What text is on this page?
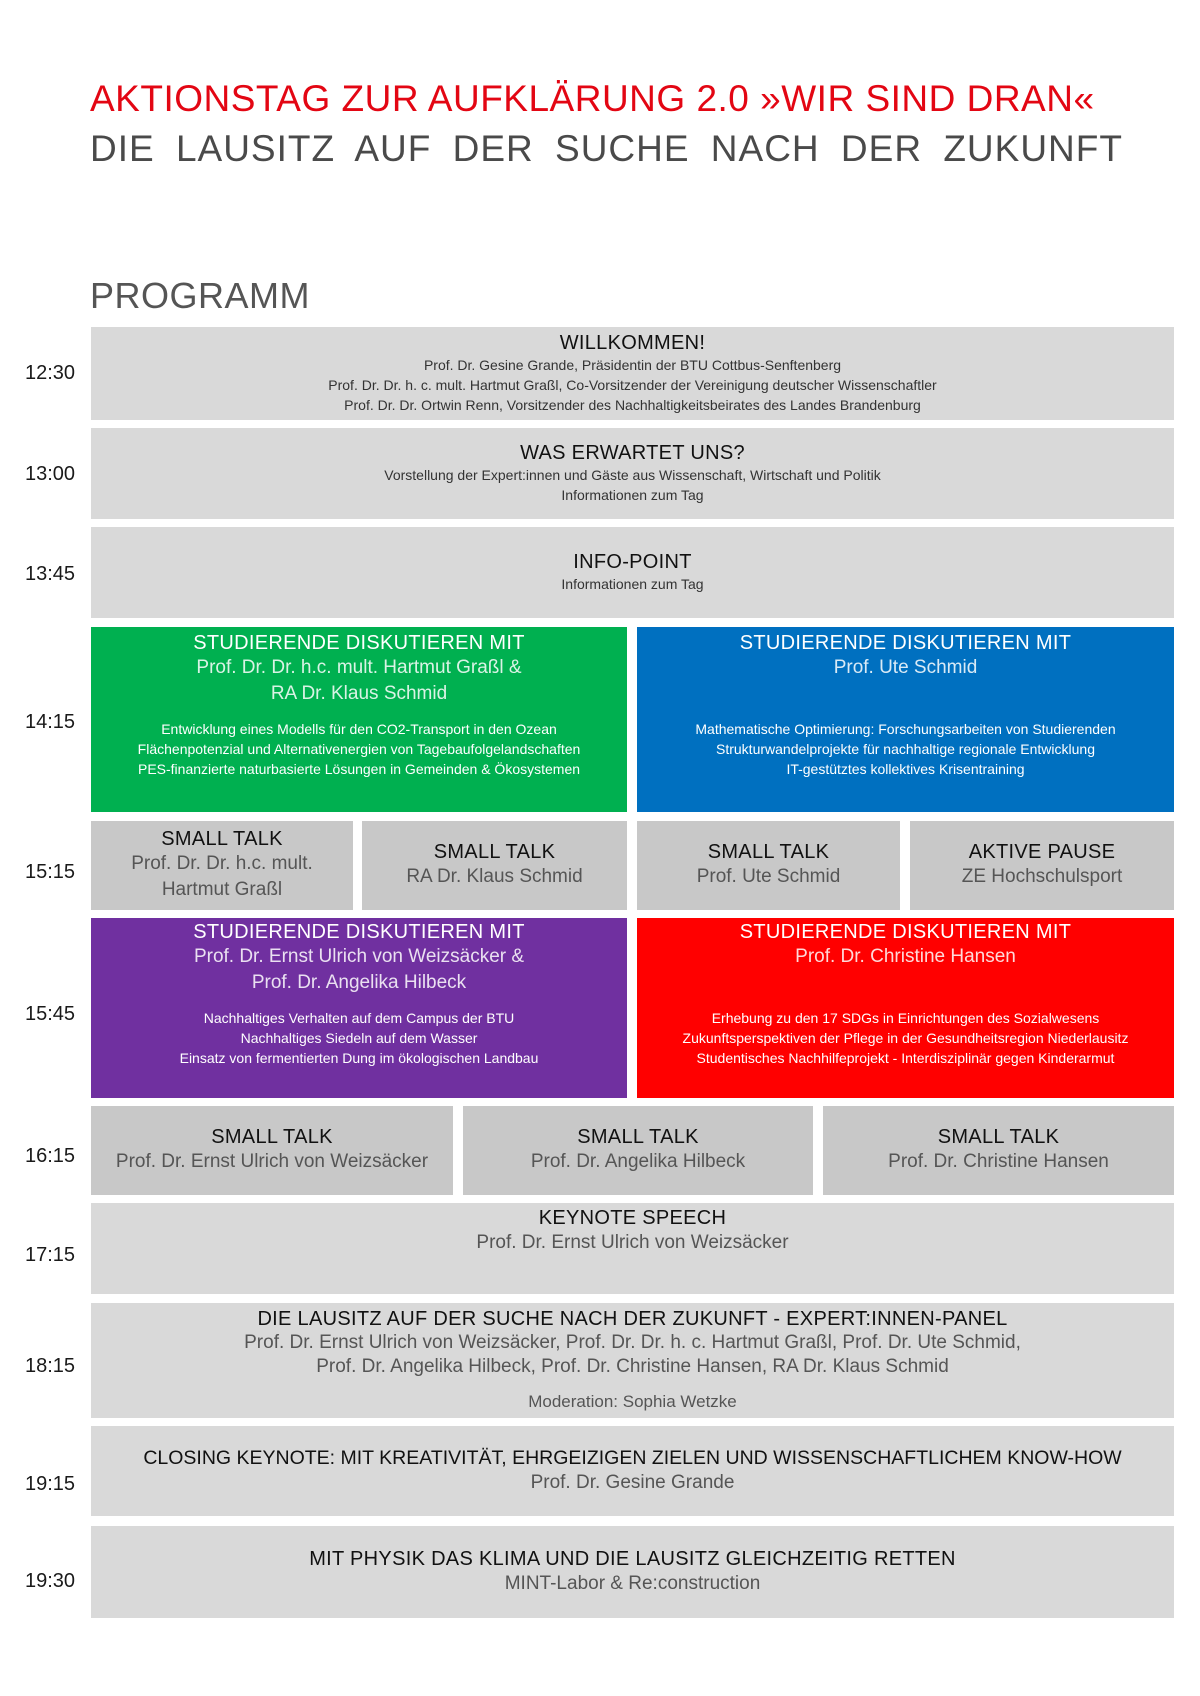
AKTIONSTAG ZUR AUFKLÄRUNG 2.0 »WIR SIND DRAN«
DIE LAUSITZ AUF DER SUCHE NACH DER ZUKUNFT
PROGRAMM
12:30
13:00
13:45
14:15
15:15
15:45
16:15
17:15
18:15
19:15
19:30
WILLKOMMEN!
Prof. Dr. Gesine Grande, Präsidentin der BTU Cottbus-Senftenberg
Prof. Dr. Dr. h. c. mult. Hartmut Graßl, Co-Vorsitzender der Vereinigung deutscher Wissenschaftler
Prof. Dr. Dr. Ortwin Renn, Vorsitzender des Nachhaltigkeitsbeirates des Landes Brandenburg
WAS ERWARTET UNS?
Vorstellung der Expert:innen und Gäste aus Wissenschaft, Wirtschaft und Politik
Informationen zum Tag
INFO-POINT
Informationen zum Tag
STUDIERENDE DISKUTIEREN MIT
Prof. Dr. Dr. h.c. mult. Hartmut Graßl &
RA Dr. Klaus Schmid
Entwicklung eines Modells für den CO2-Transport in den Ozean
Flächenpotenzial und Alternativenergien von Tagebaufolgelandschaften
PES-finanzierte naturbasierte Lösungen in Gemeinden & Ökosystemen
STUDIERENDE DISKUTIEREN MIT
Prof. Ute Schmid
Mathematische Optimierung: Forschungsarbeiten von Studierenden
Strukturwandelprojekte für nachhaltige regionale Entwicklung
IT-gestütztes kollektives Krisentraining
SMALL TALK
Prof. Dr. Dr. h.c. mult.
Hartmut Graßl
SMALL TALK
RA Dr. Klaus Schmid
SMALL TALK
Prof. Ute Schmid
AKTIVE PAUSE
ZE Hochschulsport
STUDIERENDE DISKUTIEREN MIT
Prof. Dr. Ernst Ulrich von Weizsäcker &
Prof. Dr. Angelika Hilbeck
Nachhaltiges Verhalten auf dem Campus der BTU
Nachhaltiges Siedeln auf dem Wasser
Einsatz von fermentierten Dung im ökologischen Landbau
STUDIERENDE DISKUTIEREN MIT
Prof. Dr. Christine Hansen
Erhebung zu den 17 SDGs in Einrichtungen des Sozialwesens
Zukunftsperspektiven der Pflege in der Gesundheitsregion Niederlausitz
Studentisches Nachhilfeprojekt - Interdisziplinär gegen Kinderarmut
SMALL TALK
Prof. Dr. Ernst Ulrich von Weizsäcker
SMALL TALK
Prof. Dr. Angelika Hilbeck
SMALL TALK
Prof. Dr. Christine Hansen
KEYNOTE SPEECH
Prof. Dr. Ernst Ulrich von Weizsäcker
DIE LAUSITZ AUF DER SUCHE NACH DER ZUKUNFT - EXPERT:INNEN-PANEL
Prof. Dr. Ernst Ulrich von Weizsäcker, Prof. Dr. Dr. h. c. Hartmut Graßl, Prof. Dr. Ute Schmid,
Prof. Dr. Angelika Hilbeck, Prof. Dr. Christine Hansen, RA Dr. Klaus Schmid
Moderation: Sophia Wetzke
CLOSING KEYNOTE: MIT KREATIVITÄT, EHRGEIZIGEN ZIELEN UND WISSENSCHAFTLICHEM KNOW-HOW
Prof. Dr. Gesine Grande
MIT PHYSIK DAS KLIMA UND DIE LAUSITZ GLEICHZEITIG RETTEN
MINT-Labor & Re:construction
